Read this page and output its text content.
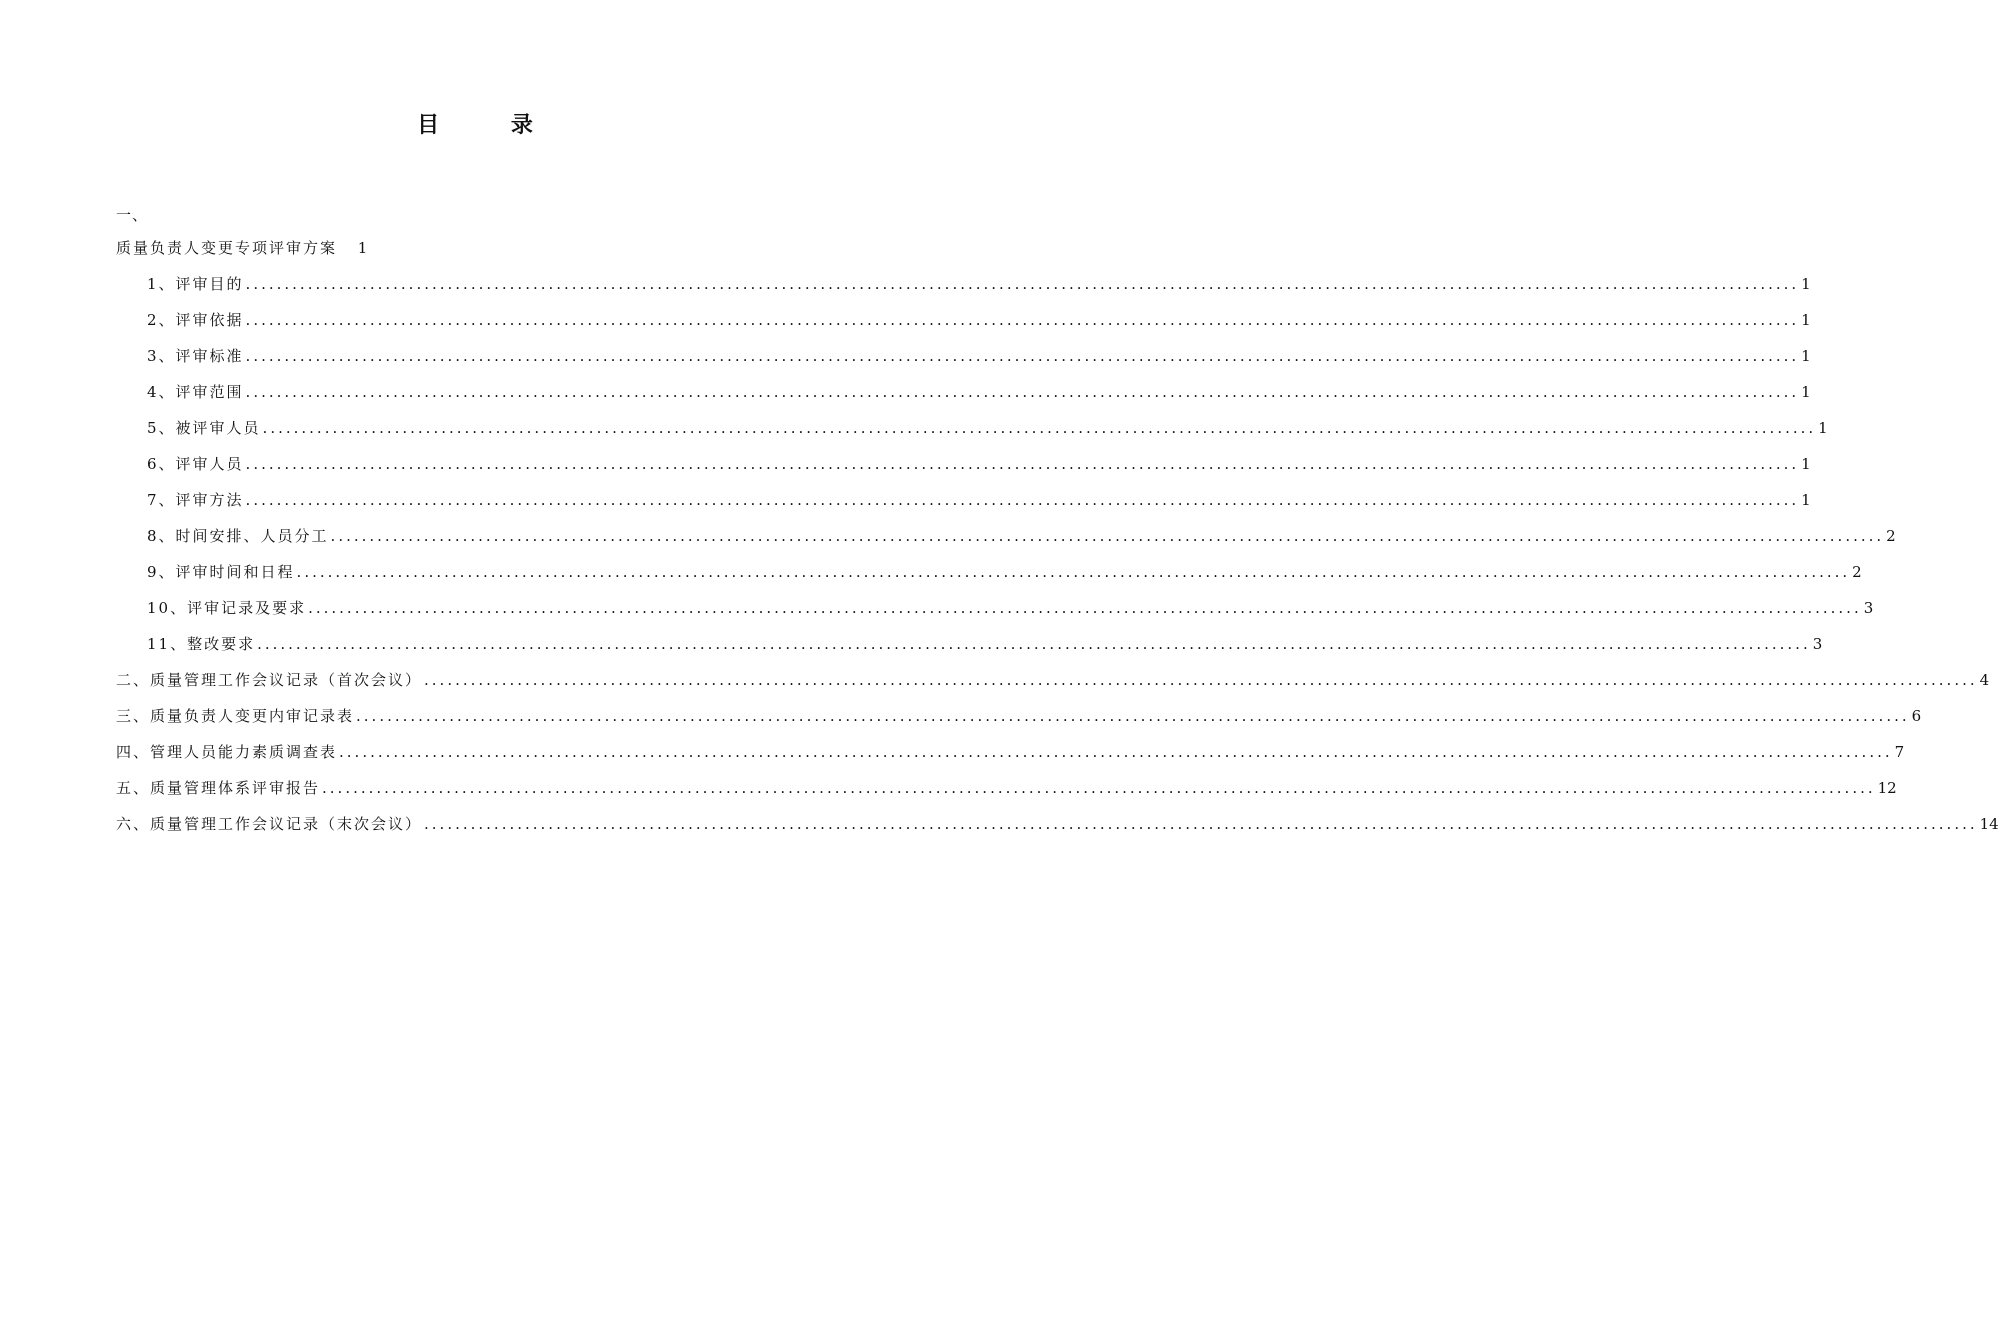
目 录
一、
质量负责人变更专项评审方案 1
1、评审目的 ........................................................................................................................................................................................................ 1
2、评审依据 ........................................................................................................................................................................................................ 1
3、评审标准 ........................................................................................................................................................................................................ 1
4、评审范围 ........................................................................................................................................................................................................ 1
5、被评审人员 ........................................................................................................................................................................................................ 1
6、评审人员 ........................................................................................................................................................................................................ 1
7、评审方法 ........................................................................................................................................................................................................ 1
8、时间安排、人员分工 ........................................................................................................................................................................................................ 2
9、评审时间和日程 ........................................................................................................................................................................................................ 2
10、评审记录及要求 ........................................................................................................................................................................................................ 3
11、整改要求 ........................................................................................................................................................................................................ 3
二、质量管理工作会议记录（首次会议） ........................................................................................................................................................................................................ 4
三、质量负责人变更内审记录表 ........................................................................................................................................................................................................ 6
四、管理人员能力素质调查表 ........................................................................................................................................................................................................ 7
五、质量管理体系评审报告 ........................................................................................................................................................................................................ 12
六、质量管理工作会议记录（末次会议） ........................................................................................................................................................................................................ 14
